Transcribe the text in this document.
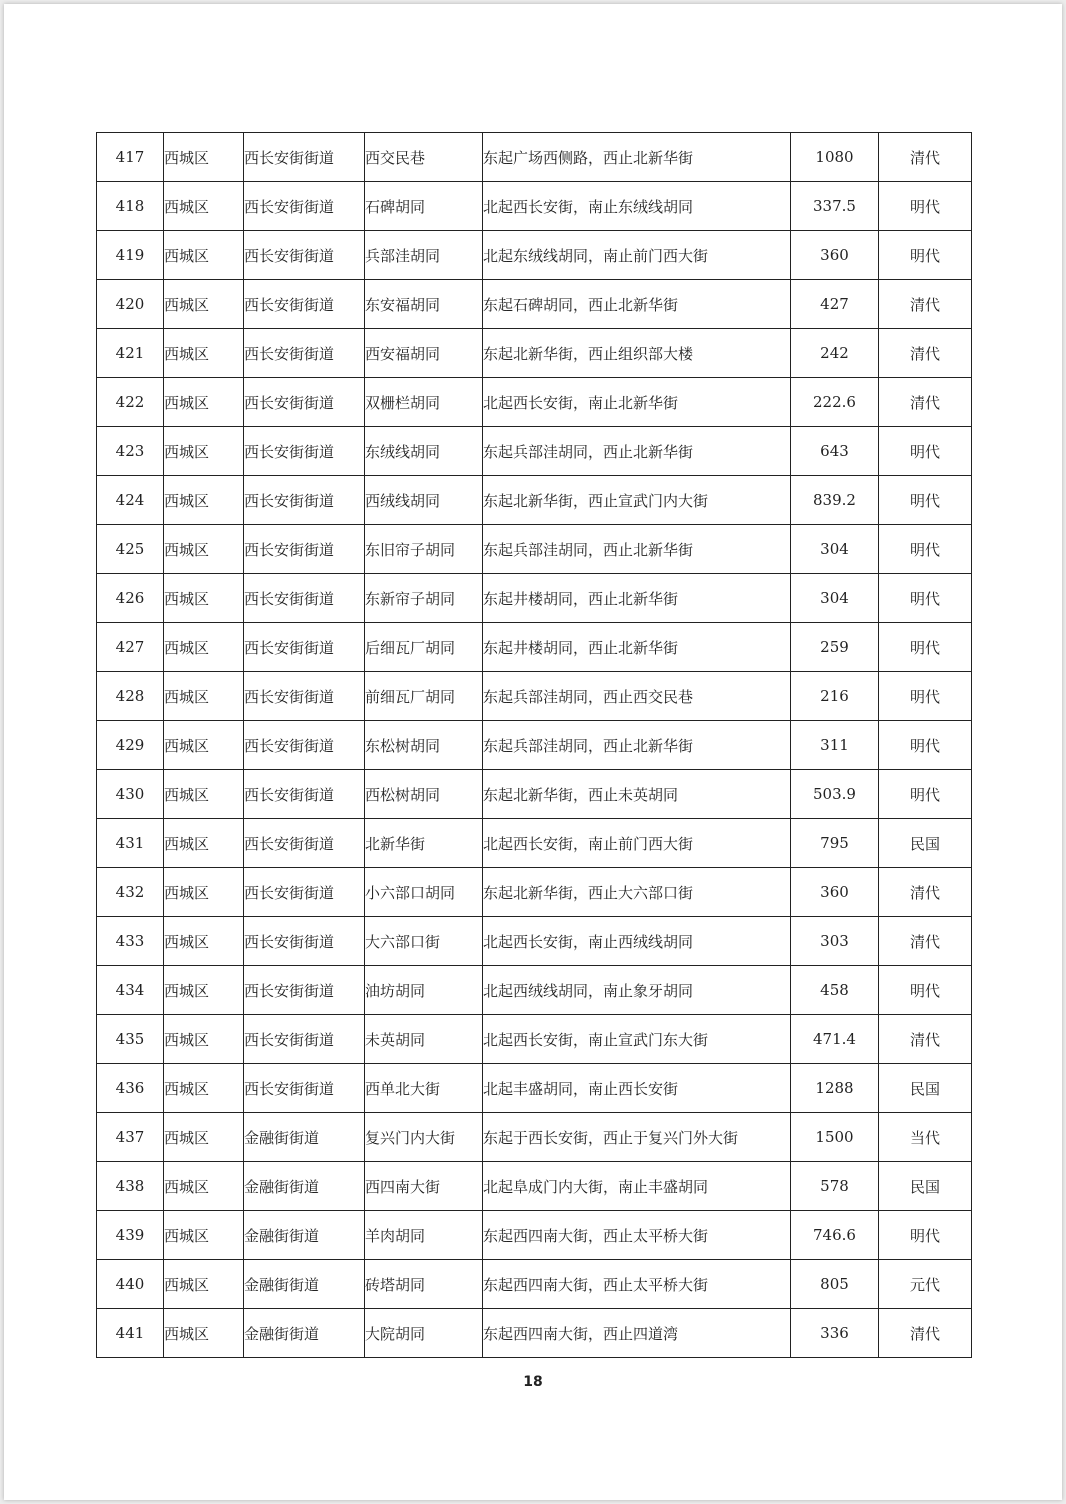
417	西城区	西长安街街道	西交民巷	东起广场西侧路，西止北新华街	1080	清代
418	西城区	西长安街街道	石碑胡同	北起西长安街，南止东绒线胡同	337.5	明代
419	西城区	西长安街街道	兵部洼胡同	北起东绒线胡同，南止前门西大街	360	明代
420	西城区	西长安街街道	东安福胡同	东起石碑胡同，西止北新华街	427	清代
421	西城区	西长安街街道	西安福胡同	东起北新华街，西止组织部大楼	242	清代
422	西城区	西长安街街道	双栅栏胡同	北起西长安街，南止北新华街	222.6	清代
423	西城区	西长安街街道	东绒线胡同	东起兵部洼胡同，西止北新华街	643	明代
424	西城区	西长安街街道	西绒线胡同	东起北新华街，西止宣武门内大街	839.2	明代
425	西城区	西长安街街道	东旧帘子胡同	东起兵部洼胡同，西止北新华街	304	明代
426	西城区	西长安街街道	东新帘子胡同	东起井楼胡同，西止北新华街	304	明代
427	西城区	西长安街街道	后细瓦厂胡同	东起井楼胡同，西止北新华街	259	明代
428	西城区	西长安街街道	前细瓦厂胡同	东起兵部洼胡同，西止西交民巷	216	明代
429	西城区	西长安街街道	东松树胡同	东起兵部洼胡同，西止北新华街	311	明代
430	西城区	西长安街街道	西松树胡同	东起北新华街，西止未英胡同	503.9	明代
431	西城区	西长安街街道	北新华街	北起西长安街，南止前门西大街	795	民国
432	西城区	西长安街街道	小六部口胡同	东起北新华街，西止大六部口街	360	清代
433	西城区	西长安街街道	大六部口街	北起西长安街，南止西绒线胡同	303	清代
434	西城区	西长安街街道	油坊胡同	北起西绒线胡同，南止象牙胡同	458	明代
435	西城区	西长安街街道	未英胡同	北起西长安街，南止宣武门东大街	471.4	清代
436	西城区	西长安街街道	西单北大街	北起丰盛胡同，南止西长安街	1288	民国
437	西城区	金融街街道	复兴门内大街	东起于西长安街，西止于复兴门外大街	1500	当代
438	西城区	金融街街道	西四南大街	北起阜成门内大街，南止丰盛胡同	578	民国
439	西城区	金融街街道	羊肉胡同	东起西四南大街，西止太平桥大街	746.6	明代
440	西城区	金融街街道	砖塔胡同	东起西四南大街，西止太平桥大街	805	元代
441	西城区	金融街街道	大院胡同	东起西四南大街，西止四道湾	336	清代
18
